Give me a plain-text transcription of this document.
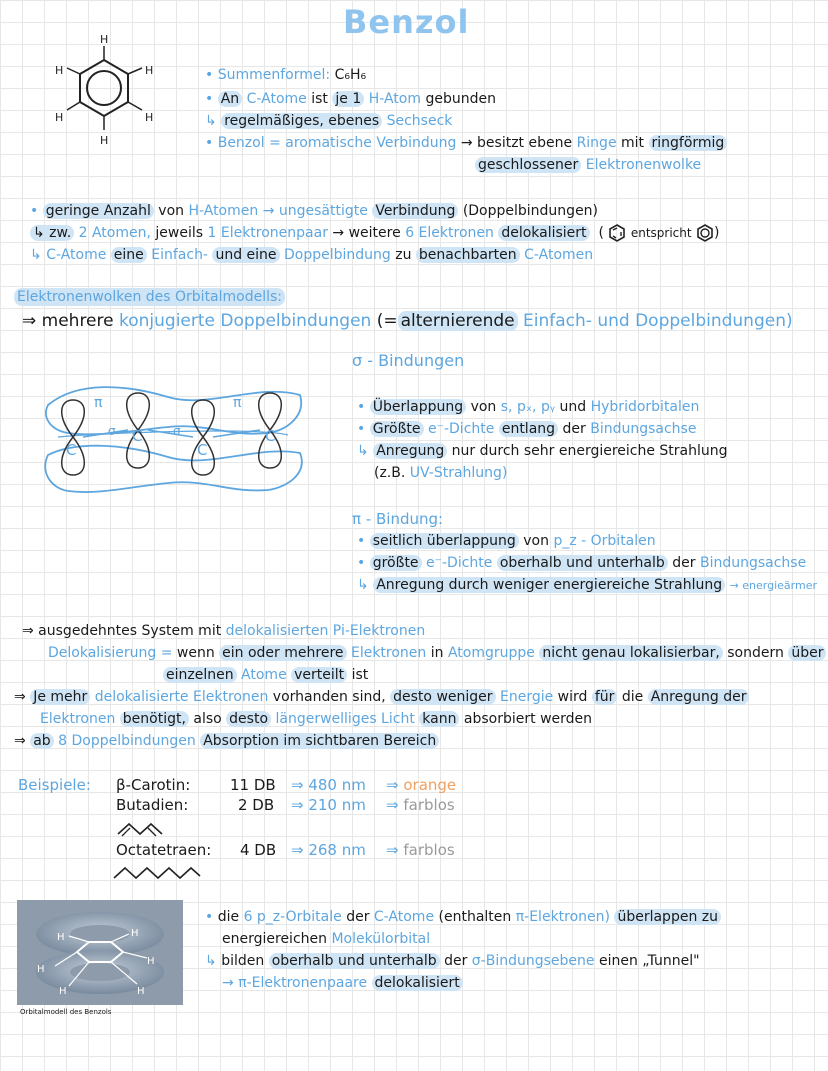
Benzol
H
H
H
H
H
H	• Summenformel: C₆H₆
• An C-Atome ist je 1 H-Atom gebunden
↳ regelmäßiges, ebenes Sechseck
• Benzol = aromatische Verbindung → besitzt ebene Ringe mit ringförmig
geschlossener Elektronenwolke
• geringe Anzahl von H-Atomen → ungesättigte Verbindung (Doppelbindungen)
↳ zw. 2 Atomen, jeweils 1 Elektronenpaar → weitere 6 Elektronen delokalisiert ( entspricht )
↳ C-Atome eine Einfach- und eine Doppelbindung zu benachbarten C-Atomen
Elektronenwolken des Orbitalmodells:
⇒ mehrere konjugierte Doppelbindungen (= alternierende Einfach- und Doppelbindungen)
π	π
σ	σ
C
C
C
C
σ - Bindungen
• Überlappung von s, pₓ, pᵧ und Hybridorbitalen
• Größte e⁻-Dichte entlang der Bindungsachse
↳ Anregung nur durch sehr energiereiche Strahlung
(z.B. UV-Strahlung)
π - Bindung:
• seitlich überlappung von p_z - Orbitalen
• größte e⁻-Dichte oberhalb und unterhalb der Bindungsachse
↳ Anregung durch weniger energiereiche Strahlung → energieärmer
⇒ ausgedehntes System mit delokalisierten Pi-Elektronen
Delokalisierung = wenn ein oder mehrere Elektronen in Atomgruppe nicht genau lokalisierbar, sondern über
einzelnen Atome verteilt ist
⇒ Je mehr delokalisierte Elektronen vorhanden sind, desto weniger Energie wird für die Anregung der
Elektronen benötigt, also desto längerwelliges Licht kann absorbiert werden
⇒ ab 8 Doppelbindungen Absorption im sichtbaren Bereich
Beispiele: β-Carotin:	11 DB ⇒ 480 nm ⇒ orange
Butadien:	2 DB ⇒ 210 nm ⇒ farblos
Octatetraen: 4 DB ⇒ 268 nm ⇒ farblos
H	H
H
H
H	H
Orbitalmodell des Benzols
• die 6 p_z-Orbitale der C-Atome (enthalten π-Elektronen) überlappen zu
energiereichen Molekülorbital
↳ bilden oberhalb und unterhalb der σ-Bindungsebene einen „Tunnel"
→ π-Elektronenpaare delokalisiert
